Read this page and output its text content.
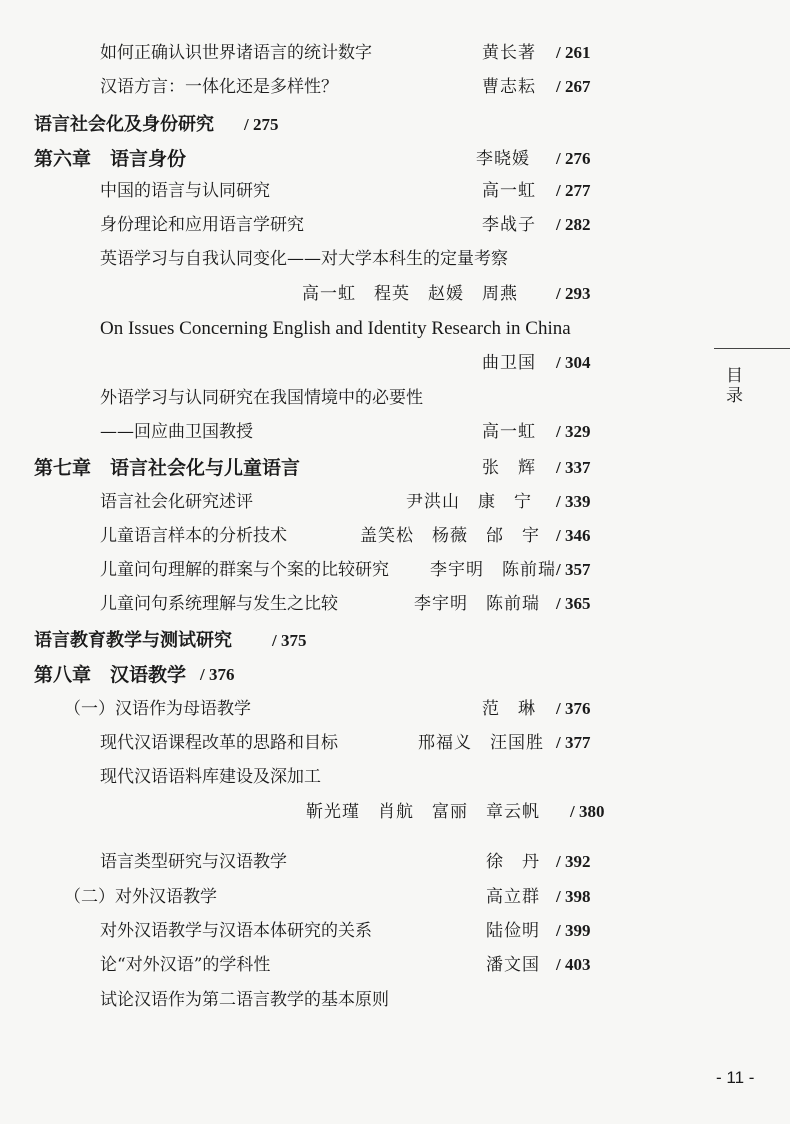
如何正确认识世界诸语言的统计数字	黄长著 / 261
汉语方言：一体化还是多样性？	曹志耘 / 267
语言社会化及身份研究 / 275
第六章　语言身份	李晓媛 / 276
中国的语言与认同研究	高一虹 / 277
身份理论和应用语言学研究	李战子 / 282
英语学习与自我认同变化——对大学本科生的定量考察
高一虹　程英　赵媛　周燕 / 293
On Issues Concerning English and Identity Research in China
曲卫国 / 304
外语学习与认同研究在我国情境中的必要性
——回应曲卫国教授	高一虹 / 329
第七章　语言社会化与儿童语言	张　辉 / 337
语言社会化研究述评	尹洪山　康　宁 / 339
儿童语言样本的分析技术	盖笑松　杨薇　邰　宇 / 346
儿童问句理解的群案与个案的比较研究 李宇明　陈前瑞 / 357
儿童问句系统理解与发生之比较	李宇明　陈前瑞 / 365
语言教育教学与测试研究 / 375
第八章　汉语教学 / 376
（一）汉语作为母语教学	范　琳 / 376
现代汉语课程改革的思路和目标	邢福义　汪国胜 / 377
现代汉语语料库建设及深加工
靳光瑾　肖航　富丽　章云帆 / 380
语言类型研究与汉语教学	徐　丹 / 392
（二）对外汉语教学	高立群 / 398
对外汉语教学与汉语本体研究的关系	陆俭明 / 399
论“对外汉语”的学科性	潘文国 / 403
试论汉语作为第二语言教学的基本原则
目录
- 11 -
